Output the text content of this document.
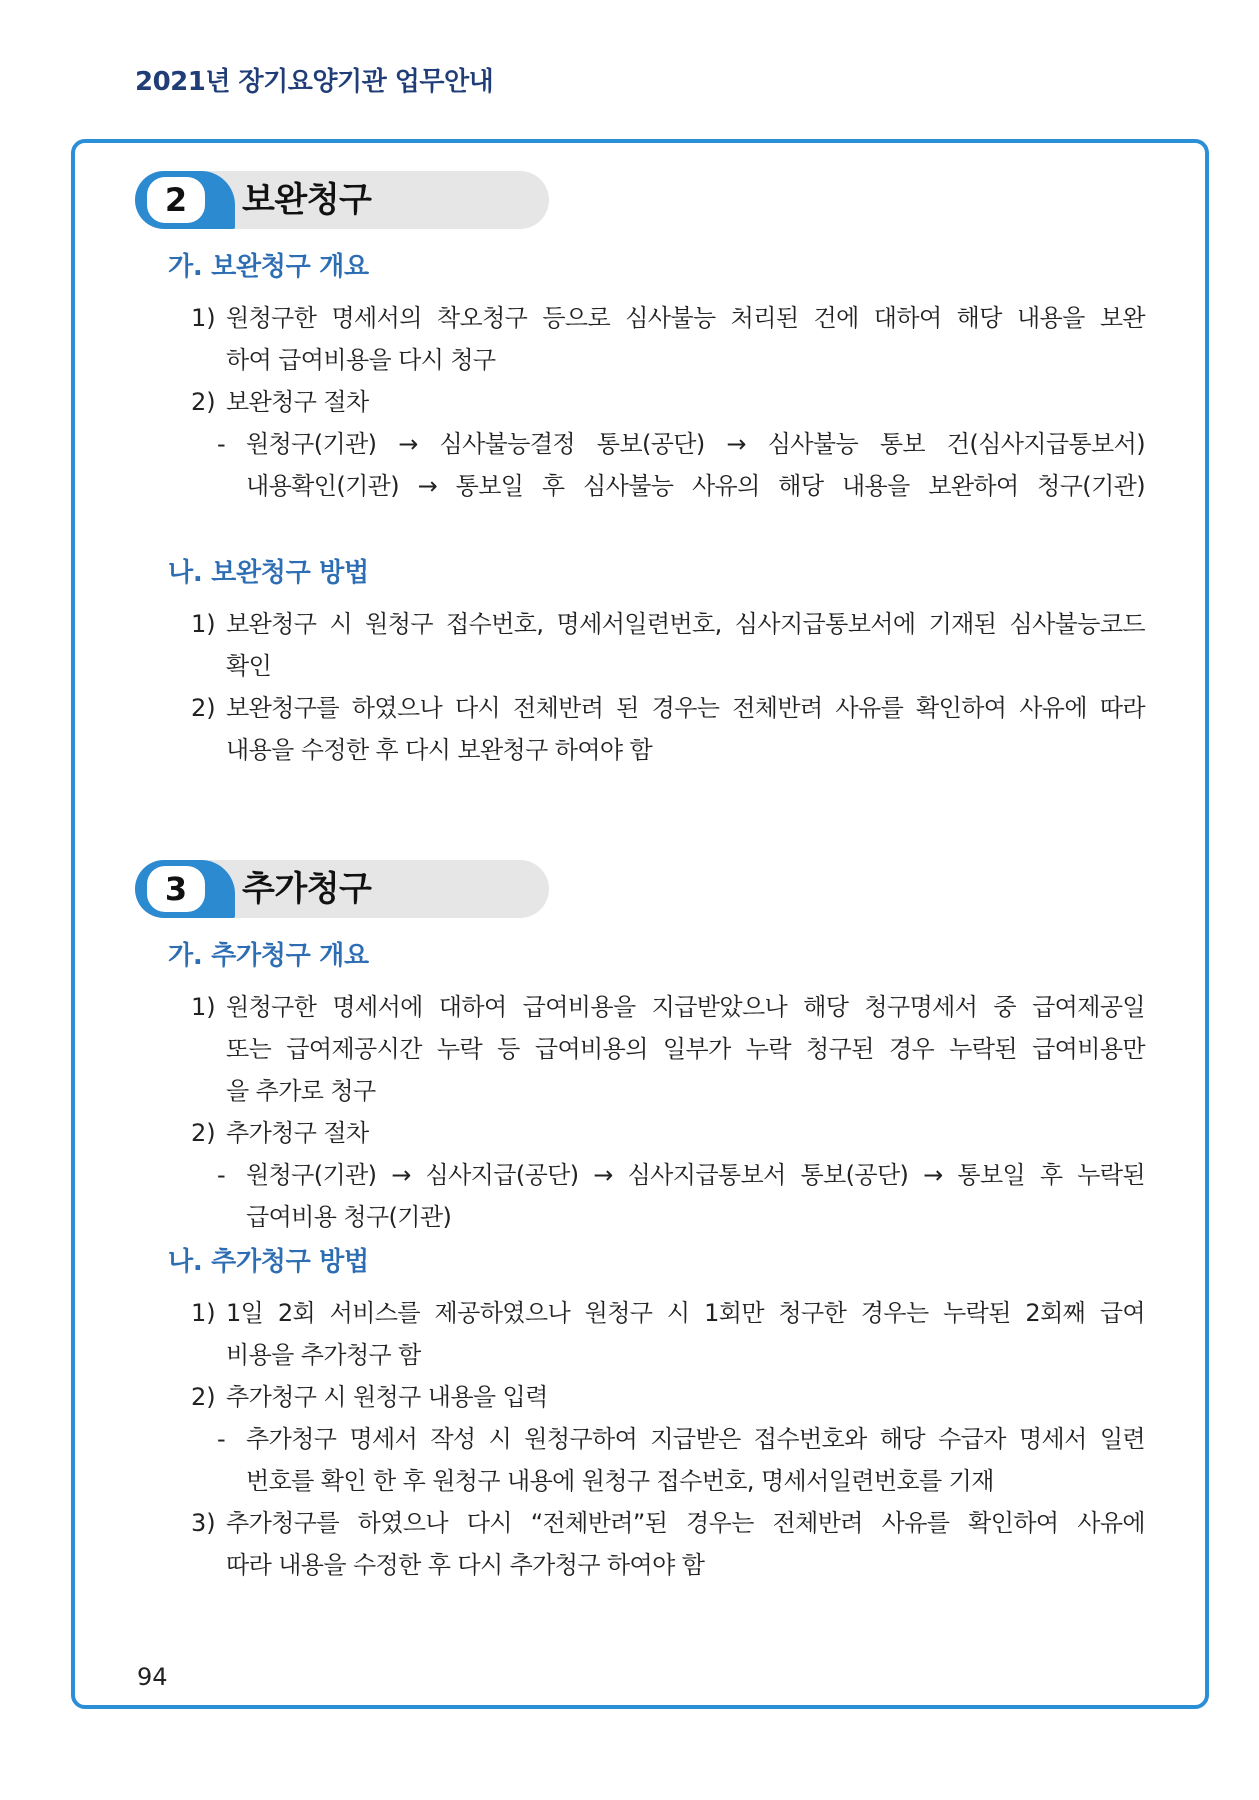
2021년 장기요양기관 업무안내
2	보완청구
가. 보완청구 개요
1) 원청구한 명세서의 착오청구 등으로 심사불능 처리된 건에 대하여 해당 내용을 보완
하여 급여비용을 다시 청구
2) 보완청구 절차
- 원청구(기관) → 심사불능결정 통보(공단) → 심사불능 통보 건(심사지급통보서)
내용확인(기관) → 통보일 후 심사불능 사유의 해당 내용을 보완하여 청구(기관)
나. 보완청구 방법
1) 보완청구 시 원청구 접수번호, 명세서일련번호, 심사지급통보서에 기재된 심사불능코드
확인
2) 보완청구를 하였으나 다시 전체반려 된 경우는 전체반려 사유를 확인하여 사유에 따라
내용을 수정한 후 다시 보완청구 하여야 함
3	추가청구
가. 추가청구 개요
1) 원청구한 명세서에 대하여 급여비용을 지급받았으나 해당 청구명세서 중 급여제공일
또는 급여제공시간 누락 등 급여비용의 일부가 누락 청구된 경우 누락된 급여비용만
을 추가로 청구
2) 추가청구 절차
- 원청구(기관) → 심사지급(공단) → 심사지급통보서 통보(공단) → 통보일 후 누락된
급여비용 청구(기관)
나. 추가청구 방법
1) 1일 2회 서비스를 제공하였으나 원청구 시 1회만 청구한 경우는 누락된 2회째 급여
비용을 추가청구 함
2) 추가청구 시 원청구 내용을 입력
- 추가청구 명세서 작성 시 원청구하여 지급받은 접수번호와 해당 수급자 명세서 일련
번호를 확인 한 후 원청구 내용에 원청구 접수번호, 명세서일련번호를 기재
3) 추가청구를 하였으나 다시 “전체반려”된 경우는 전체반려 사유를 확인하여 사유에
따라 내용을 수정한 후 다시 추가청구 하여야 함
94
